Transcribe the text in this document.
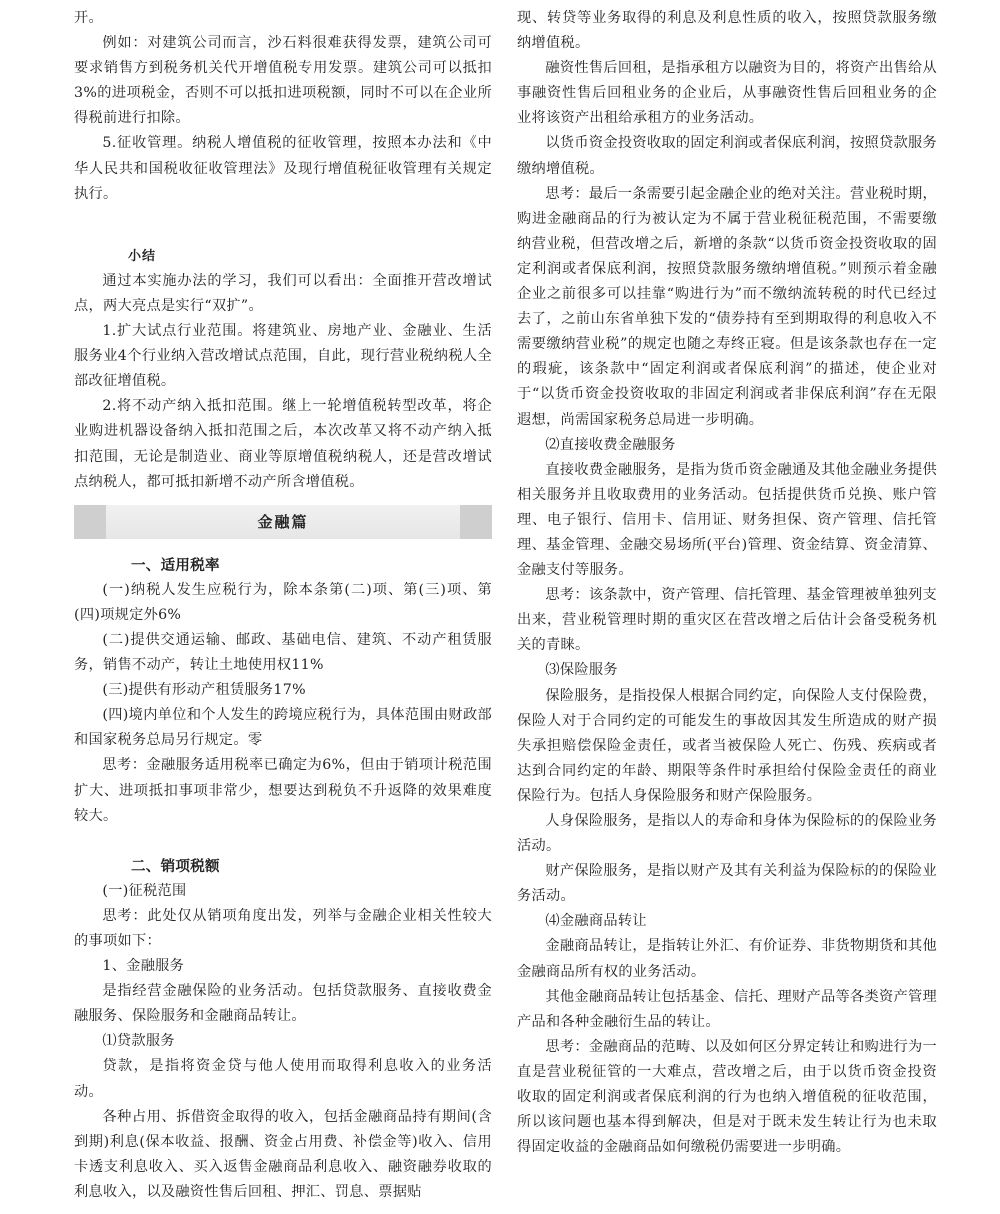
开。

例如：对建筑公司而言，沙石料很难获得发票，建筑公司可要求销售方到税务机关代开增值税专用发票。建筑公司可以抵扣3%的进项税金，否则不可以抵扣进项税额，同时不可以在企业所得税前进行扣除。

5.征收管理。纳税人增值税的征收管理，按照本办法和《中华人民共和国税收征收管理法》及现行增值税征收管理有关规定执行。

小结

通过本实施办法的学习，我们可以看出：全面推开营改增试点，两大亮点是实行“双扩”。

1.扩大试点行业范围。将建筑业、房地产业、金融业、生活服务业4个行业纳入营改增试点范围，自此，现行营业税纳税人全部改征增值税。

2.将不动产纳入抵扣范围。继上一轮增值税转型改革，将企业购进机器设备纳入抵扣范围之后，本次改革又将不动产纳入抵扣范围，无论是制造业、商业等原增值税纳税人，还是营改增试点纳税人，都可抵扣新增不动产所含增值税。

金融篇

一、适用税率

(一)纳税人发生应税行为，除本条第(二)项、第(三)项、第(四)项规定外6%

(二)提供交通运输、邮政、基础电信、建筑、不动产租赁服务，销售不动产，转让土地使用权11%

(三)提供有形动产租赁服务17%

(四)境内单位和个人发生的跨境应税行为，具体范围由财政部和国家税务总局另行规定。零

思考：金融服务适用税率已确定为6%，但由于销项计税范围扩大、进项抵扣事项非常少，想要达到税负不升返降的效果难度较大。

二、销项税额

(一)征税范围

思考：此处仅从销项角度出发，列举与金融企业相关性较大的事项如下：

1、金融服务

是指经营金融保险的业务活动。包括贷款服务、直接收费金融服务、保险服务和金融商品转让。

⑴贷款服务

贷款，是指将资金贷与他人使用而取得利息收入的业务活动。

各种占用、拆借资金取得的收入，包括金融商品持有期间(含到期)利息(保本收益、报酬、资金占用费、补偿金等)收入、信用卡透支利息收入、买入返售金融商品利息收入、融资融券收取的利息收入，以及融资性售后回租、押汇、罚息、票据贴

现、转贷等业务取得的利息及利息性质的收入，按照贷款服务缴纳增值税。

融资性售后回租，是指承租方以融资为目的，将资产出售给从事融资性售后回租业务的企业后，从事融资性售后回租业务的企业将该资产出租给承租方的业务活动。

以货币资金投资收取的固定利润或者保底利润，按照贷款服务缴纳增值税。

思考：最后一条需要引起金融企业的绝对关注。营业税时期，购进金融商品的行为被认定为不属于营业税征税范围，不需要缴纳营业税，但营改增之后，新增的条款“以货币资金投资收取的固定利润或者保底利润，按照贷款服务缴纳增值税。”则预示着金融企业之前很多可以挂靠“购进行为”而不缴纳流转税的时代已经过去了，之前山东省单独下发的“债券持有至到期取得的利息收入不需要缴纳营业税”的规定也随之寿终正寝。但是该条款也存在一定的瑕疵，该条款中“固定利润或者保底利润”的描述，使企业对于“以货币资金投资收取的非固定利润或者非保底利润”存在无限遐想，尚需国家税务总局进一步明确。

⑵直接收费金融服务

直接收费金融服务，是指为货币资金融通及其他金融业务提供相关服务并且收取费用的业务活动。包括提供货币兑换、账户管理、电子银行、信用卡、信用证、财务担保、资产管理、信托管理、基金管理、金融交易场所(平台)管理、资金结算、资金清算、金融支付等服务。

思考：该条款中，资产管理、信托管理、基金管理被单独列支出来，营业税管理时期的重灾区在营改增之后估计会备受税务机关的青睐。

⑶保险服务

保险服务，是指投保人根据合同约定，向保险人支付保险费，保险人对于合同约定的可能发生的事故因其发生所造成的财产损失承担赔偿保险金责任，或者当被保险人死亡、伤残、疾病或者达到合同约定的年龄、期限等条件时承担给付保险金责任的商业保险行为。包括人身保险服务和财产保险服务。

人身保险服务，是指以人的寿命和身体为保险标的的保险业务活动。

财产保险服务，是指以财产及其有关利益为保险标的的保险业务活动。

⑷金融商品转让

金融商品转让，是指转让外汇、有价证券、非货物期货和其他金融商品所有权的业务活动。

其他金融商品转让包括基金、信托、理财产品等各类资产管理产品和各种金融衍生品的转让。

思考：金融商品的范畴、以及如何区分界定转让和购进行为一直是营业税征管的一大难点，营改增之后，由于以货币资金投资收取的固定利润或者保底利润的行为也纳入增值税的征收范围，所以该问题也基本得到解决，但是对于既未发生转让行为也未取得固定收益的金融商品如何缴税仍需要进一步明确。
